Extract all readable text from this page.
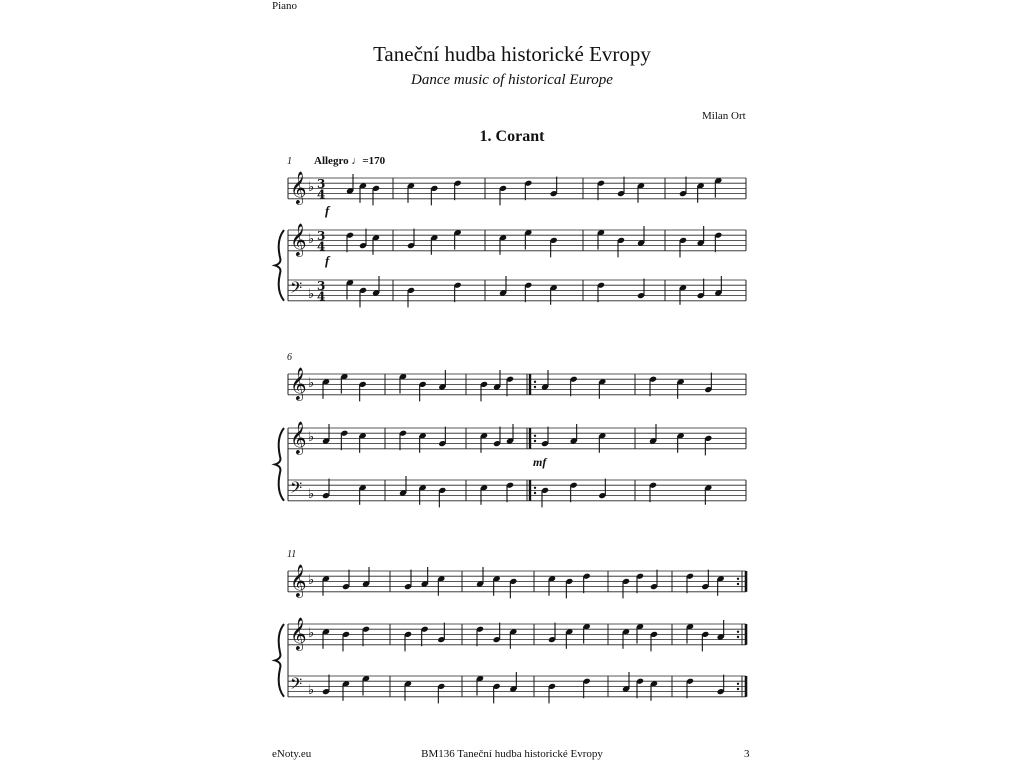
Piano
Taneční hudba historické Evropy
Dance music of historical Europe
Milan Ort
1. Corant
Allegro ♩=170
1
6
11
f
f
mf
𝄞 ♭ 3
4
𝄞 ♭ 3
4
𝄢 ♭
3
4
𝄞 ♭
𝄞 ♭
𝄢 ♭
𝄞 ♭
𝄞 ♭
𝄢 ♭
eNoty.eu	BM136 Taneční hudba historické Evropy	3
